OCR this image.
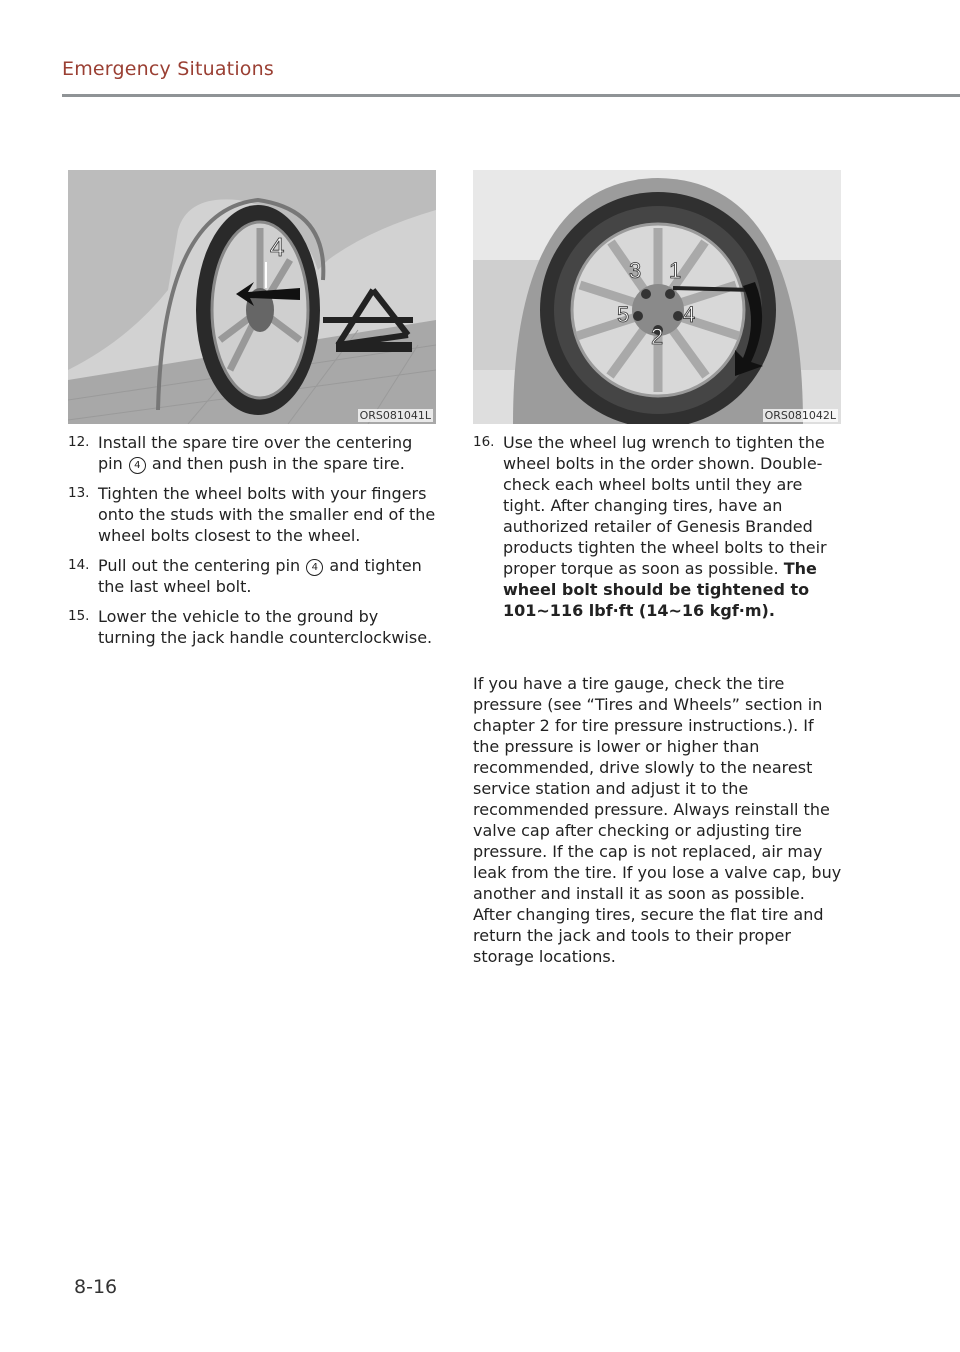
Emergency Situations
4
ORS081041L
1
2
3
4
5
ORS081042L
12. Install the spare tire over the centering pin 4 and then push in the spare tire.
13. Tighten the wheel bolts with your fingers onto the studs with the smaller end of the wheel bolts closest to the wheel.
14. Pull out the centering pin 4 and tighten the last wheel bolt.
15. Lower the vehicle to the ground by turning the jack handle counterclockwise.
16. Use the wheel lug wrench to tighten the wheel bolts in the order shown. Double-check each wheel bolts until they are tight. After changing tires, have an authorized retailer of Genesis Branded products tighten the wheel bolts to their proper torque as soon as possible. The wheel bolt should be tightened to 101~116 lbf·ft (14~16 kgf·m).

If you have a tire gauge, check the tire pressure (see “Tires and Wheels” section in chapter 2 for tire pressure instructions.). If the pressure is lower or higher than recommended, drive slowly to the nearest service station and adjust it to the recommended pressure. Always reinstall the valve cap after checking or adjusting tire pressure. If the cap is not replaced, air may leak from the tire. If you lose a valve cap, buy another and install it as soon as possible. After changing tires, secure the flat tire and return the jack and tools to their proper storage locations.

8-16
